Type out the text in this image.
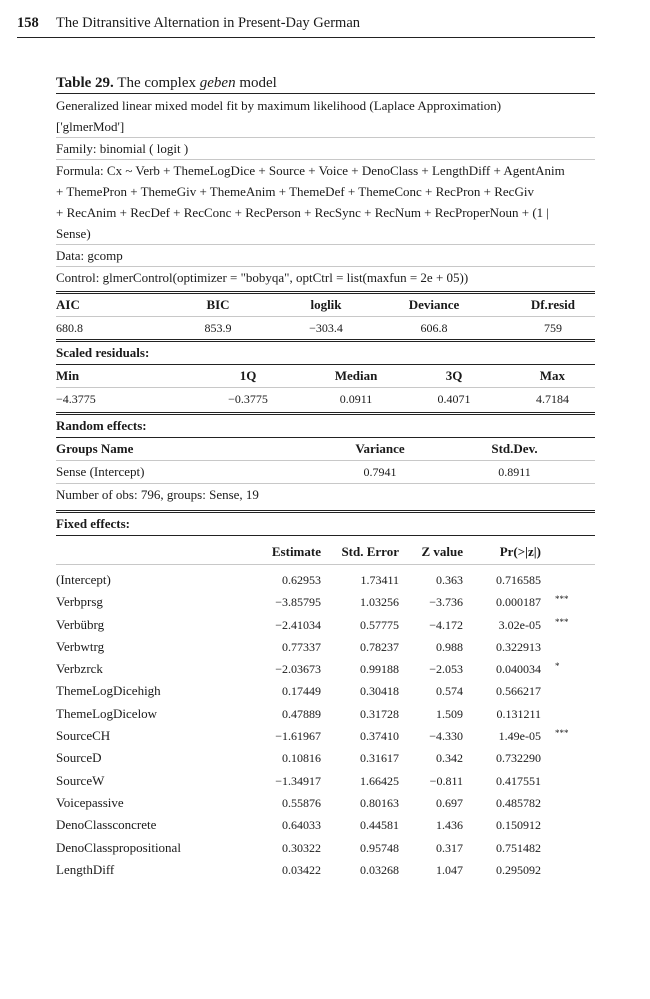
158 The Ditransitive Alternation in Present-Day German
Table 29. The complex geben model
Generalized linear mixed model fit by maximum likelihood (Laplace Approximation)
['glmerMod']
Family: binomial ( logit )
Formula: Cx ~ Verb + ThemeLogDice + Source + Voice + DenoClass + LengthDiff + AgentAnim
+ ThemePron + ThemeGiv + ThemeAnim + ThemeDef + ThemeConc + RecPron + RecGiv
+ RecAnim + RecDef + RecConc + RecPerson + RecSync + RecNum + RecProperNoun + (1 |
Sense)
Data: gcomp
Control: glmerControl(optimizer = "bobyqa", optCtrl = list(maxfun = 2e + 05))
AIC	BIC	loglik	Deviance	Df.resid
680.8	853.9	−303.4	606.8	759
Scaled residuals:
Min	1Q	Median	3Q	Max
−4.3775	−0.3775	0.0911	0.4071	4.7184
Random effects:
Groups Name	Variance	Std.Dev.
Sense (Intercept)	0.7941	0.8911
Number of obs: 796, groups: Sense, 19
Fixed effects:
Estimate	Std. Error	Z value	Pr(>|z|)
(Intercept)	0.62953	1.73411	0.363	0.716585
Verbprsg	−3.85795	1.03256	−3.736	0.000187	***
Verbübrg	−2.41034	0.57775	−4.172	3.02e-05	***
Verbwtrg	0.77337	0.78237	0.988	0.322913
Verbzrck	−2.03673	0.99188	−2.053	0.040034	*
ThemeLogDicehigh	0.17449	0.30418	0.574	0.566217
ThemeLogDicelow	0.47889	0.31728	1.509	0.131211
SourceCH	−1.61967	0.37410	−4.330	1.49e-05	***
SourceD	0.10816	0.31617	0.342	0.732290
SourceW	−1.34917	1.66425	−0.811	0.417551
Voicepassive	0.55876	0.80163	0.697	0.485782
DenoClassconcrete	0.64033	0.44581	1.436	0.150912
DenoClasspropositional	0.30322	0.95748	0.317	0.751482
LengthDiff	0.03422	0.03268	1.047	0.295092
